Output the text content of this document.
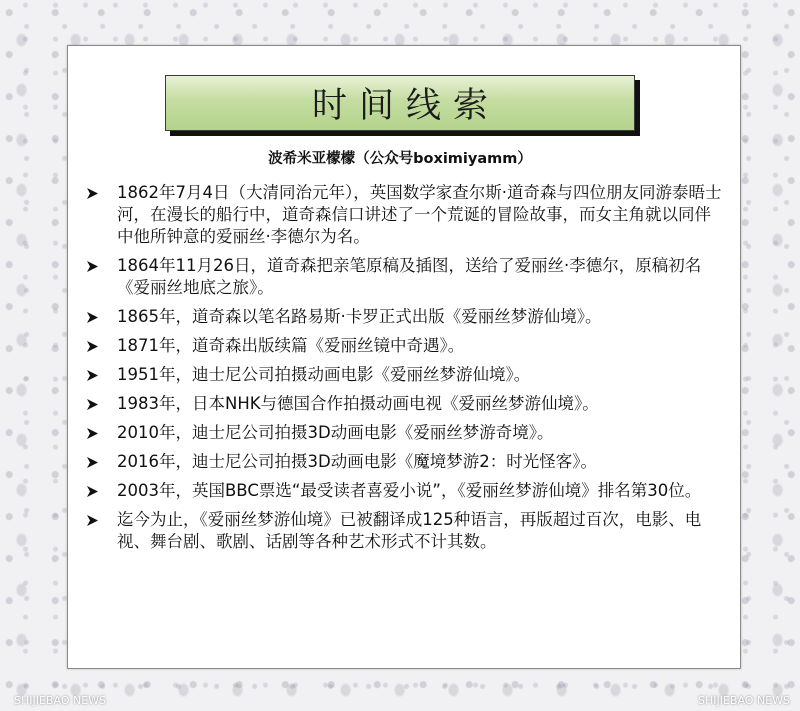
时间线索
波希米亚檬檬（公众号boximiyamm）
1862年7月4日（大清同治元年），英国数学家查尔斯·道奇森与四位朋友同游泰晤士河，在漫长的船行中，道奇森信口讲述了一个荒诞的冒险故事，而女主角就以同伴中他所钟意的爱丽丝·李德尔为名。
1864年11月26日，道奇森把亲笔原稿及插图，送给了爱丽丝·李德尔，原稿初名《爱丽丝地底之旅》。
1865年，道奇森以笔名路易斯·卡罗正式出版《爱丽丝梦游仙境》。
1871年，道奇森出版续篇《爱丽丝镜中奇遇》。
1951年，迪士尼公司拍摄动画电影《爱丽丝梦游仙境》。
1983年，日本NHK与德国合作拍摄动画电视《爱丽丝梦游仙境》。
2010年，迪士尼公司拍摄3D动画电影《爱丽丝梦游奇境》。
2016年，迪士尼公司拍摄3D动画电影《魔境梦游2：时光怪客》。
2003年，英国BBC票选“最受读者喜爱小说”，《爱丽丝梦游仙境》排名第30位。
迄今为止，《爱丽丝梦游仙境》已被翻译成125种语言，再版超过百次，电影、电视、舞台剧、歌剧、话剧等各种艺术形式不计其数。
SHIJIEBAO NEWS	SHIJIEBAO NEWS
